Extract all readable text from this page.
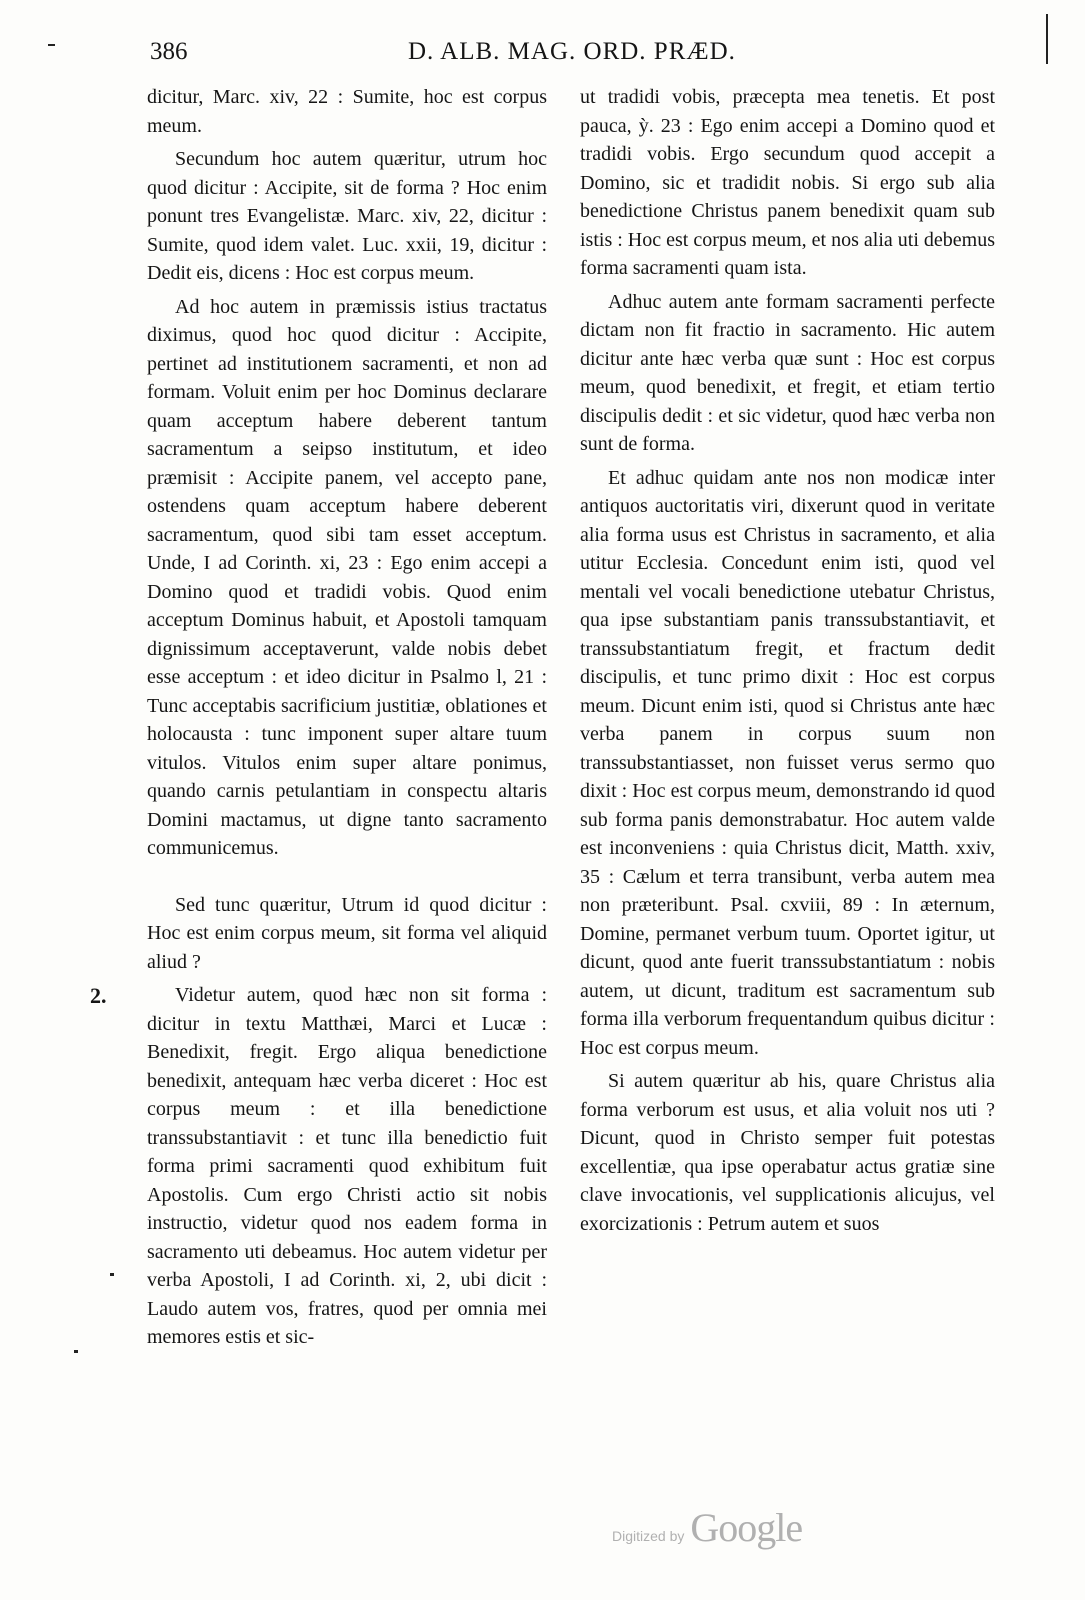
386	D. ALB. MAG. ORD. PRÆD.
2.

dicitur, Marc. xiv, 22 : Sumite, hoc est corpus meum.

Secundum hoc autem quæritur, utrum hoc quod dicitur : Accipite, sit de forma ? Hoc enim ponunt tres Evangelistæ. Marc. xiv, 22, dicitur : Sumite, quod idem valet. Luc. xxii, 19, dicitur : Dedit eis, dicens : Hoc est corpus meum.

Ad hoc autem in præmissis istius tractatus diximus, quod hoc quod dicitur : Accipite, pertinet ad institutionem sacramenti, et non ad formam. Voluit enim per hoc Dominus declarare quam acceptum habere deberent tantum sacramentum a seipso institutum, et ideo præmisit : Accipite panem, vel accepto pane, ostendens quam acceptum habere deberent sacramentum, quod sibi tam esset acceptum. Unde, I ad Corinth. xi, 23 : Ego enim accepi a Domino quod et tradidi vobis. Quod enim acceptum Dominus habuit, et Apostoli tamquam dignissimum acceptaverunt, valde nobis debet esse acceptum : et ideo dicitur in Psalmo l, 21 : Tunc acceptabis sacrificium justitiæ, oblationes et holocausta : tunc imponent super altare tuum vitulos. Vitulos enim super altare ponimus, quando carnis petulantiam in conspectu altaris Domini mactamus, ut digne tanto sacramento communicemus.

Sed tunc quæritur, Utrum id quod dicitur : Hoc est enim corpus meum, sit forma vel aliquid aliud ?

Videtur autem, quod hæc non sit forma : dicitur in textu Matthæi, Marci et Lucæ : Benedixit, fregit. Ergo aliqua benedictione benedixit, antequam hæc verba diceret : Hoc est corpus meum : et illa benedictione transsubstantiavit : et tunc illa benedictio fuit forma primi sacramenti quod exhibitum fuit Apostolis. Cum ergo Christi actio sit nobis instructio, videtur quod nos eadem forma in sacramento uti debeamus. Hoc autem videtur per verba Apostoli, I ad Corinth. xi, 2, ubi dicit : Laudo autem vos, fratres, quod per omnia mei memores estis et sic-

ut tradidi vobis, præcepta mea tenetis. Et post pauca, ỳ. 23 : Ego enim accepi a Domino quod et tradidi vobis. Ergo secundum quod accepit a Domino, sic et tradidit nobis. Si ergo sub alia benedictione Christus panem benedixit quam sub istis : Hoc est corpus meum, et nos alia uti debemus forma sacramenti quam ista.

Adhuc autem ante formam sacramenti perfecte dictam non fit fractio in sacramento. Hic autem dicitur ante hæc verba quæ sunt : Hoc est corpus meum, quod benedixit, et fregit, et etiam tertio discipulis dedit : et sic videtur, quod hæc verba non sunt de forma.

Et adhuc quidam ante nos non modicæ inter antiquos auctoritatis viri, dixerunt quod in veritate alia forma usus est Christus in sacramento, et alia utitur Ecclesia. Concedunt enim isti, quod vel mentali vel vocali benedictione utebatur Christus, qua ipse substantiam panis transsubstantiavit, et transsubstantiatum fregit, et fractum dedit discipulis, et tunc primo dixit : Hoc est corpus meum. Dicunt enim isti, quod si Christus ante hæc verba panem in corpus suum non transsubstantiasset, non fuisset verus sermo quo dixit : Hoc est corpus meum, demonstrando id quod sub forma panis demonstrabatur. Hoc autem valde est inconveniens : quia Christus dicit, Matth. xxiv, 35 : Cælum et terra transibunt, verba autem mea non præteribunt. Psal. cxviii, 89 : In æternum, Domine, permanet verbum tuum. Oportet igitur, ut dicunt, quod ante fuerit transsubstantiatum : nobis autem, ut dicunt, traditum est sacramentum sub forma illa verborum frequentandum quibus dicitur : Hoc est corpus meum.

Si autem quæritur ab his, quare Christus alia forma verborum est usus, et alia voluit nos uti ? Dicunt, quod in Christo semper fuit potestas excellentiæ, qua ipse operabatur actus gratiæ sine clave invocationis, vel supplicationis alicujus, vel exorcizationis : Petrum autem et suos

Digitized by Google
